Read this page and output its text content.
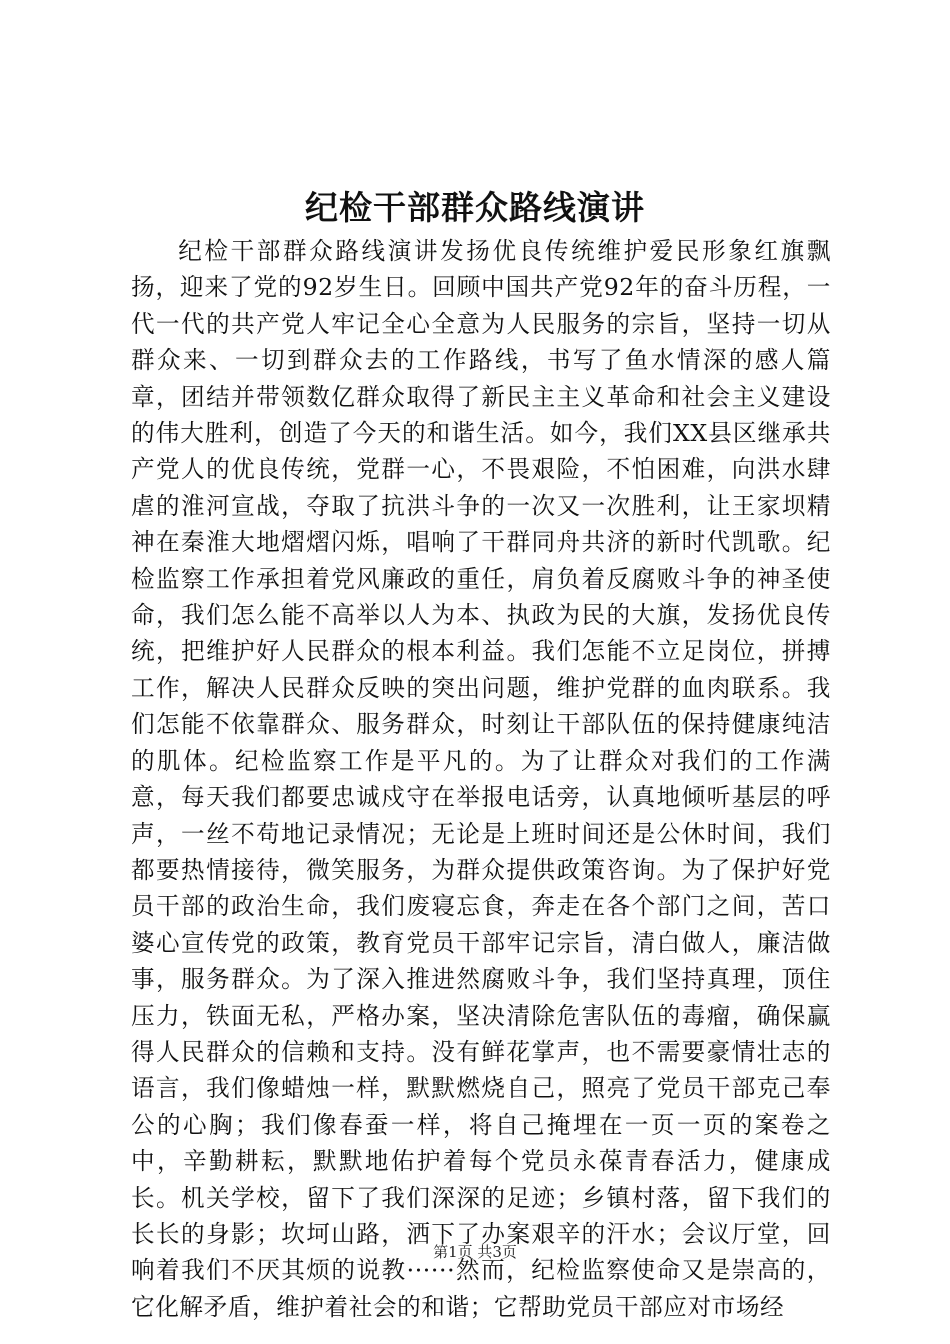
纪检干部群众路线演讲

纪检干部群众路线演讲发扬优良传统维护爱民形象红旗飘扬，迎来了党的92岁生日。回顾中国共产党92年的奋斗历程，一代一代的共产党人牢记全心全意为人民服务的宗旨，坚持一切从群众来、一切到群众去的工作路线，书写了鱼水情深的感人篇章，团结并带领数亿群众取得了新民主主义革命和社会主义建设的伟大胜利，创造了今天的和谐生活。如今，我们XX县区继承共产党人的优良传统，党群一心，不畏艰险，不怕困难，向洪水肆虐的淮河宣战，夺取了抗洪斗争的一次又一次胜利，让王家坝精神在秦淮大地熠熠闪烁，唱响了干群同舟共济的新时代凯歌。纪检监察工作承担着党风廉政的重任，肩负着反腐败斗争的神圣使命，我们怎么能不高举以人为本、执政为民的大旗，发扬优良传统，把维护好人民群众的根本利益。我们怎能不立足岗位，拼搏工作，解决人民群众反映的突出问题，维护党群的血肉联系。我们怎能不依靠群众、服务群众，时刻让干部队伍的保持健康纯洁的肌体。纪检监察工作是平凡的。为了让群众对我们的工作满意，每天我们都要忠诚戍守在举报电话旁，认真地倾听基层的呼声，一丝不苟地记录情况；无论是上班时间还是公休时间，我们都要热情接待，微笑服务，为群众提供政策咨询。为了保护好党员干部的政治生命，我们废寝忘食，奔走在各个部门之间，苦口婆心宣传党的政策，教育党员干部牢记宗旨，清白做人，廉洁做事，服务群众。为了深入推进然腐败斗争，我们坚持真理，顶住压力，铁面无私，严格办案，坚决清除危害队伍的毒瘤，确保赢得人民群众的信赖和支持。没有鲜花掌声，也不需要豪情壮志的语言，我们像蜡烛一样，默默燃烧自己，照亮了党员干部克己奉公的心胸；我们像春蚕一样，将自己掩埋在一页一页的案卷之中，辛勤耕耘，默默地佑护着每个党员永葆青春活力，健康成长。机关学校，留下了我们深深的足迹；乡镇村落，留下我们的长长的身影；坎坷山路，洒下了办案艰辛的汗水；会议厅堂，回响着我们不厌其烦的说教······然而，纪检监察使命又是崇高的，它化解矛盾，维护着社会的和谐；它帮助党员干部应对市场经

第1页 共3页
